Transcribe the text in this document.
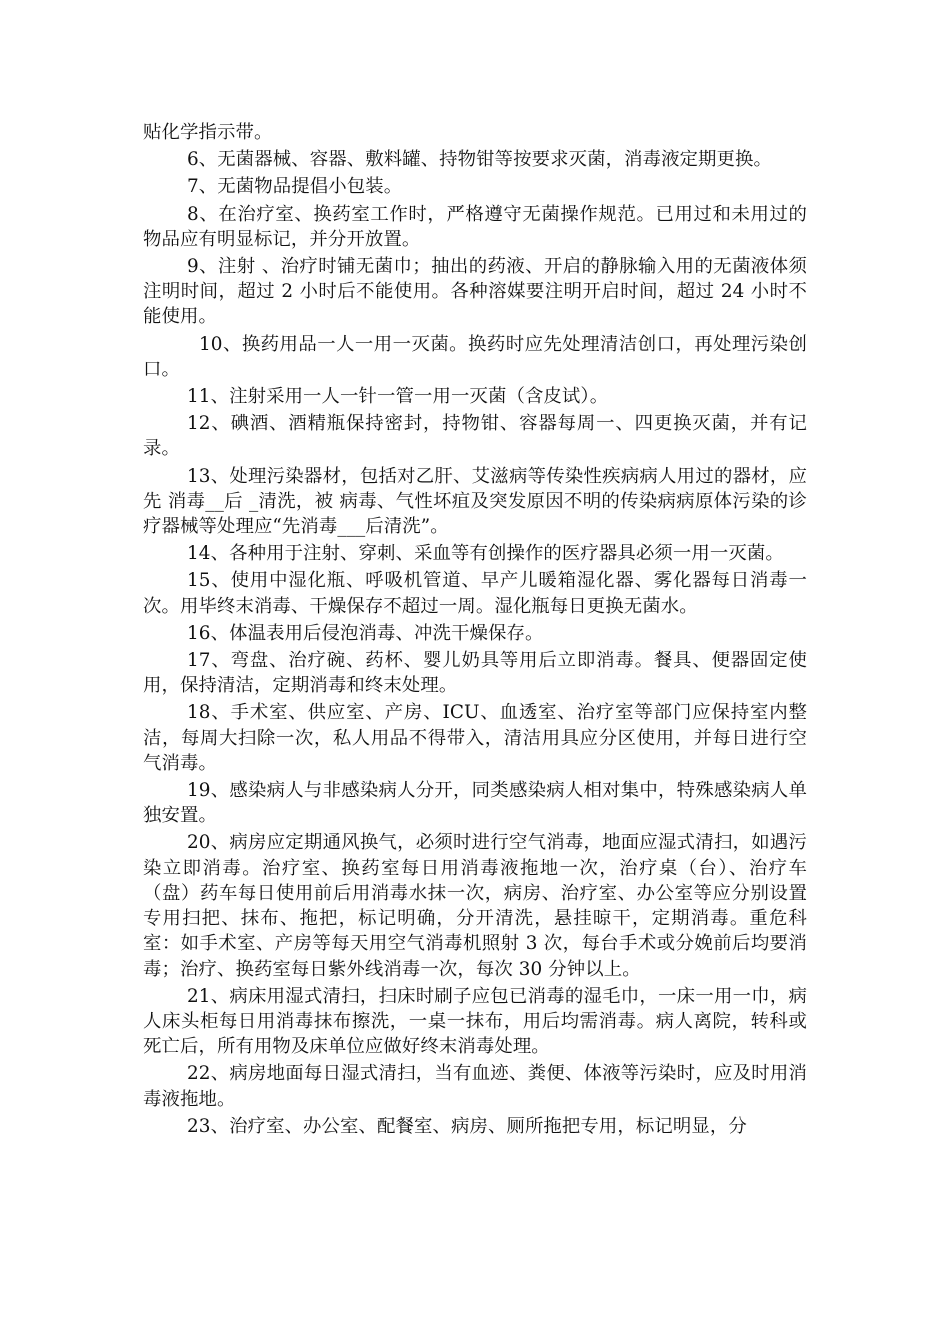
贴化学指示带。

6、无菌器械、容器、敷料罐、持物钳等按要求灭菌，消毒液定期更换。

7、无菌物品提倡小包装。

8、在治疗室、换药室工作时，严格遵守无菌操作规范。已用过和未用过的物品应有明显标记，并分开放置。

9、注射 、治疗时铺无菌巾；抽出的药液、开启的静脉输入用的无菌液体须注明时间，超过 2 小时后不能使用。各种溶媒要注明开启时间，超过 24 小时不能使用。

10、换药用品一人一用一灭菌。换药时应先处理清洁创口，再处理污染创口。

11、注射采用一人一针一管一用一灭菌（含皮试）。

12、碘酒、酒精瓶保持密封，持物钳、容器每周一、四更换灭菌，并有记录。

13、处理污染器材，包括对乙肝、艾滋病等传染性疾病病人用过的器材，应先 消毒__后 _清洗，被 病毒、气性坏疽及突发原因不明的传染病病原体污染的诊疗器械等处理应“先消毒___后清洗”。

14、各种用于注射、穿刺、采血等有创操作的医疗器具必须一用一灭菌。

15、使用中湿化瓶、呼吸机管道、早产儿暖箱湿化器、雾化器每日消毒一次。用毕终末消毒、干燥保存不超过一周。湿化瓶每日更换无菌水。

16、体温表用后侵泡消毒、冲洗干燥保存。

17、弯盘、治疗碗、药杯、婴儿奶具等用后立即消毒。餐具、便器固定使用，保持清洁，定期消毒和终末处理。

18、手术室、供应室、产房、ICU、血透室、治疗室等部门应保持室内整洁，每周大扫除一次，私人用品不得带入，清洁用具应分区使用，并每日进行空气消毒。

19、感染病人与非感染病人分开，同类感染病人相对集中，特殊感染病人单独安置。

20、病房应定期通风换气，必须时进行空气消毒，地面应湿式清扫，如遇污染立即消毒。治疗室、换药室每日用消毒液拖地一次，治疗桌（台）、治疗车（盘）药车每日使用前后用消毒水抹一次，病房、治疗室、办公室等应分别设置专用扫把、抹布、拖把，标记明确，分开清洗，悬挂晾干，定期消毒。重危科室：如手术室、产房等每天用空气消毒机照射 3 次，每台手术或分娩前后均要消毒；治疗、换药室每日紫外线消毒一次，每次 30 分钟以上。

21、病床用湿式清扫，扫床时刷子应包已消毒的湿毛巾，一床一用一巾，病人床头柜每日用消毒抹布擦洗，一桌一抹布，用后均需消毒。病人离院，转科或死亡后，所有用物及床单位应做好终末消毒处理。

22、病房地面每日湿式清扫，当有血迹、粪便、体液等污染时，应及时用消毒液拖地。

23、治疗室、办公室、配餐室、病房、厕所拖把专用，标记明显，分
